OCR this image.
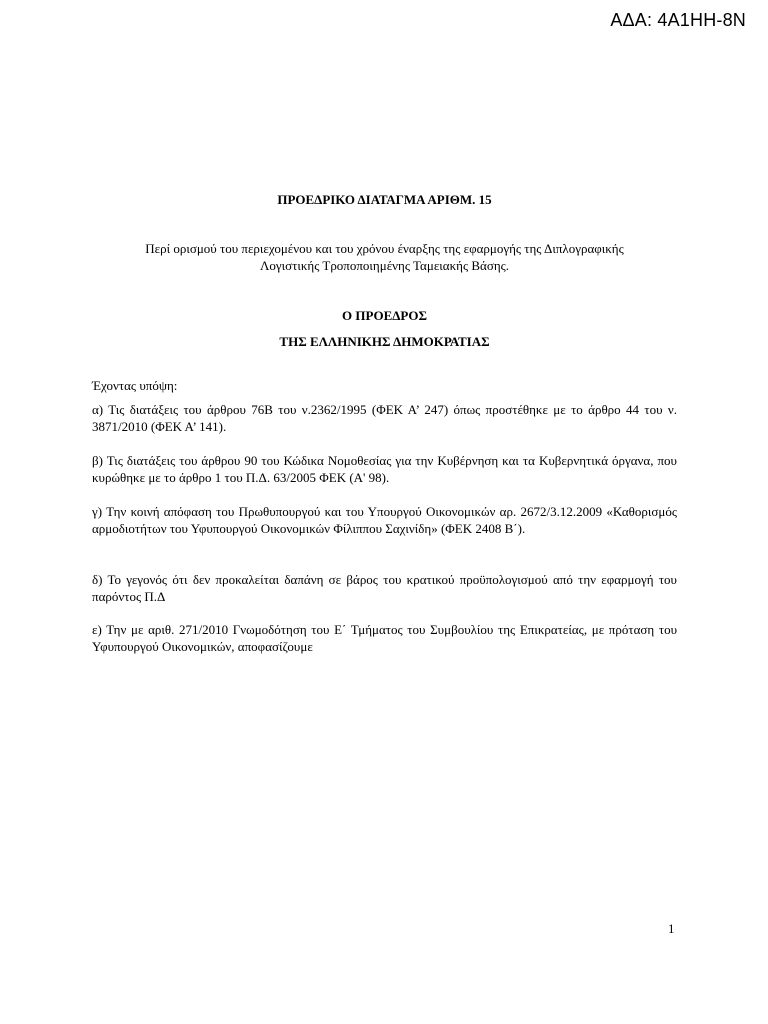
ΑΔΑ: 4Α1ΗΗ-8Ν
ΠΡΟΕΔΡΙΚΟ ΔΙΑΤΑΓΜΑ ΑΡΙΘΜ. 15
Περί ορισμού του περιεχομένου και του χρόνου έναρξης της εφαρμογής της Διπλογραφικής
Λογιστικής Τροποποιημένης Ταμειακής Βάσης.
Ο ΠΡΟΕΔΡΟΣ
ΤΗΣ ΕΛΛΗΝΙΚΗΣ ΔΗΜΟΚΡΑΤΙΑΣ
Έχοντας υπόψη:
α) Τις διατάξεις του άρθρου 76Β του ν.2362/1995 (ΦΕΚ Α’ 247) όπως προστέθηκε με το άρθρο 44 του ν. 3871/2010 (ΦΕΚ Α’ 141).
β) Τις διατάξεις του άρθρου 90 του Κώδικα Νομοθεσίας για την Κυβέρνηση και τα Κυβερνητικά όργανα, που κυρώθηκε με το άρθρο 1 του Π.Δ. 63/2005 ΦΕΚ (Α' 98).
γ) Την κοινή απόφαση του Πρωθυπουργού και του Υπουργού Οικονομικών αρ. 2672/3.12.2009 «Καθορισμός αρμοδιοτήτων του Υφυπουργού Οικονομικών Φίλιππου Σαχινίδη» (ΦΕΚ 2408 Β΄).
δ) Το γεγονός ότι δεν προκαλείται δαπάνη σε βάρος του κρατικού προϋπολογισμού από την εφαρμογή του παρόντος Π.Δ
ε) Την με αριθ. 271/2010 Γνωμοδότηση του Ε΄ Τμήματος του Συμβουλίου της Επικρατείας, με πρόταση του Υφυπουργού Οικονομικών, αποφασίζουμε
1
